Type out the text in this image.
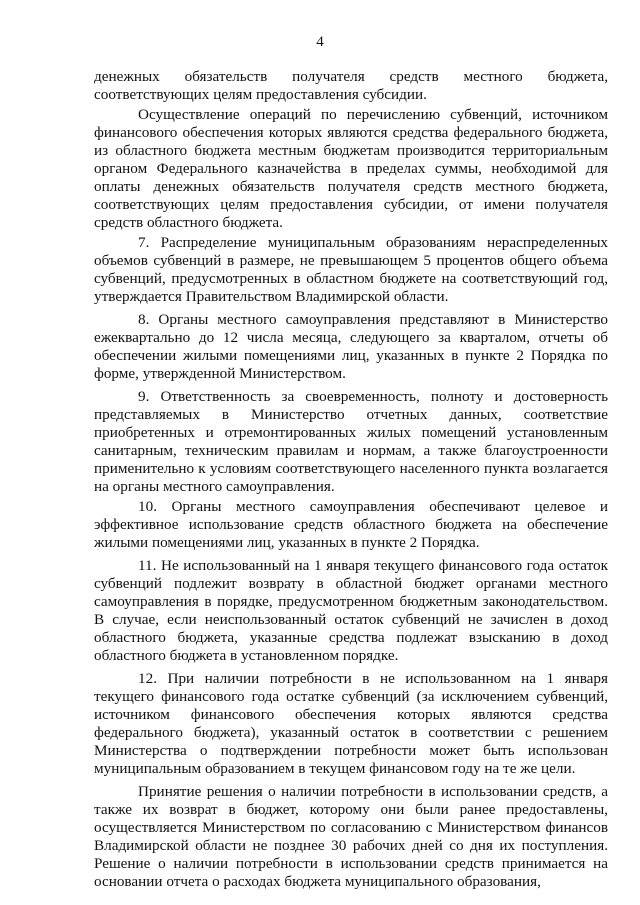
4

денежных обязательств получателя средств местного бюджета, соответствующих целям предоставления субсидии.

Осуществление операций по перечислению субвенций, источником финансового обеспечения которых являются средства федерального бюджета, из областного бюджета местным бюджетам производится территориальным органом Федерального казначейства в пределах суммы, необходимой для оплаты денежных обязательств получателя средств местного бюджета, соответствующих целям предоставления субсидии, от имени получателя средств областного бюджета.

7. Распределение муниципальным образованиям нераспределенных объемов субвенций в размере, не превышающем 5 процентов общего объема субвенций, предусмотренных в областном бюджете на соответствующий год, утверждается Правительством Владимирской области.

8. Органы местного самоуправления представляют в Министерство ежеквартально до 12 числа месяца, следующего за кварталом, отчеты об обеспечении жилыми помещениями лиц, указанных в пункте 2 Порядка по форме, утвержденной Министерством.

9. Ответственность за своевременность, полноту и достоверность представляемых в Министерство отчетных данных, соответствие приобретенных и отремонтированных жилых помещений установленным санитарным, техническим правилам и нормам, а также благоустроенности применительно к условиям соответствующего населенного пункта возлагается на органы местного самоуправления.

10. Органы местного самоуправления обеспечивают целевое и эффективное использование средств областного бюджета на обеспечение жилыми помещениями лиц, указанных в пункте 2 Порядка.

11. Не использованный на 1 января текущего финансового года остаток субвенций подлежит возврату в областной бюджет органами местного самоуправления в порядке, предусмотренном бюджетным законодательством. В случае, если неиспользованный остаток субвенций не зачислен в доход областного бюджета, указанные средства подлежат взысканию в доход областного бюджета в установленном порядке.

12. При наличии потребности в не использованном на 1 января текущего финансового года остатке субвенций (за исключением субвенций, источником финансового обеспечения которых являются средства федерального бюджета), указанный остаток в соответствии с решением Министерства о подтверждении потребности может быть использован муниципальным образованием в текущем финансовом году на те же цели.

Принятие решения о наличии потребности в использовании средств, а также их возврат в бюджет, которому они были ранее предоставлены, осуществляется Министерством по согласованию с Министерством финансов Владимирской области не позднее 30 рабочих дней со дня их поступления. Решение о наличии потребности в использовании средств принимается на основании отчета о расходах бюджета муниципального образования,
